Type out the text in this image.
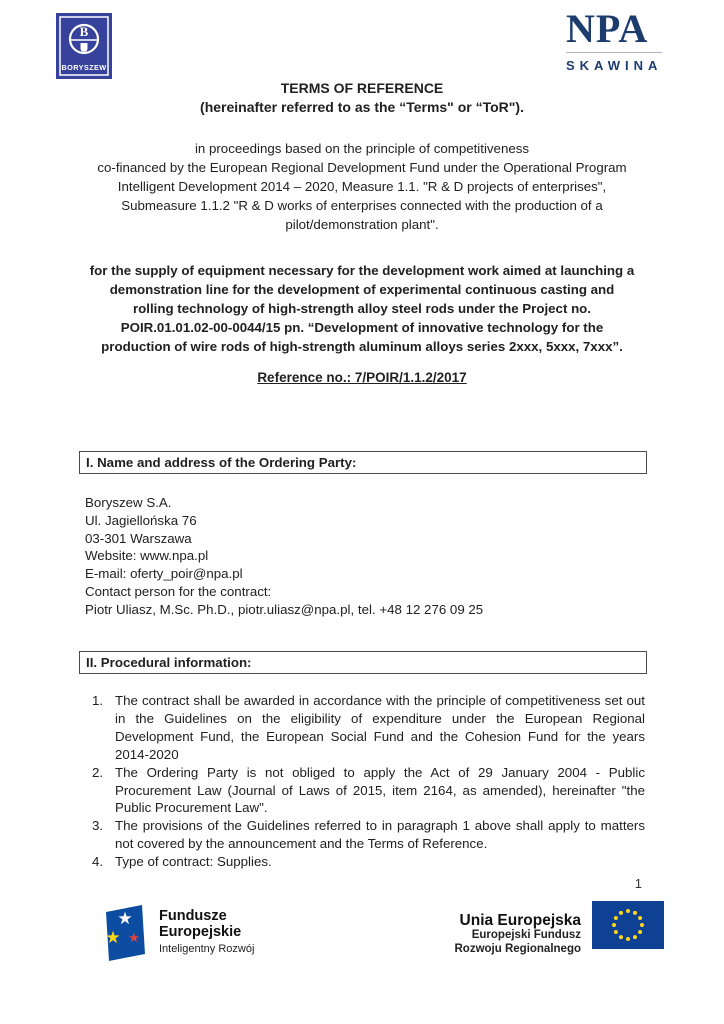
B
BORYSZEW
NPA
SKAWINA
TERMS OF REFERENCE
(hereinafter referred to as the “Terms" or “ToR").
in proceedings based on the principle of competitiveness
co-financed by the European Regional Development Fund under the Operational Program
Intelligent Development 2014 – 2020, Measure 1.1. "R & D projects of enterprises",
Submeasure 1.1.2 "R & D works of enterprises connected with the production of a
pilot/demonstration plant".
for the supply of equipment necessary for the development work aimed at launching a
demonstration line for the development of experimental continuous casting and
rolling technology of high-strength alloy steel rods under the Project no.
POIR.01.01.02-00-0044/15 pn. “Development of innovative technology for the
production of wire rods of high-strength aluminum alloys series 2xxx, 5xxx, 7xxx”.
Reference no.: 7/POIR/1.1.2/2017
I. Name and address of the Ordering Party:
Boryszew S.A.
Ul. Jagiellońska 76
03-301 Warszawa
Website: www.npa.pl
E-mail: oferty_poir@npa.pl
Contact person for the contract:
Piotr Uliasz, M.Sc. Ph.D., piotr.uliasz@npa.pl, tel. +48 12 276 09 25
II. Procedural information:
1. The contract shall be awarded in accordance with the principle of competitiveness set out in the Guidelines on the eligibility of expenditure under the European Regional Development Fund, the European Social Fund and the Cohesion Fund for the years 2014-2020
2. The Ordering Party is not obliged to apply the Act of 29 January 2004 - Public Procurement Law (Journal of Laws of 2015, item 2164, as amended), hereinafter "the Public Procurement Law".
3. The provisions of the Guidelines referred to in paragraph 1 above shall apply to matters not covered by the announcement and the Terms of Reference.
4. Type of contract: Supplies.
1
★
★ ★
Fundusze
Europejskie
Inteligentny Rozwój
Unia Europejska
Europejski Fundusz
Rozwoju Regionalnego
